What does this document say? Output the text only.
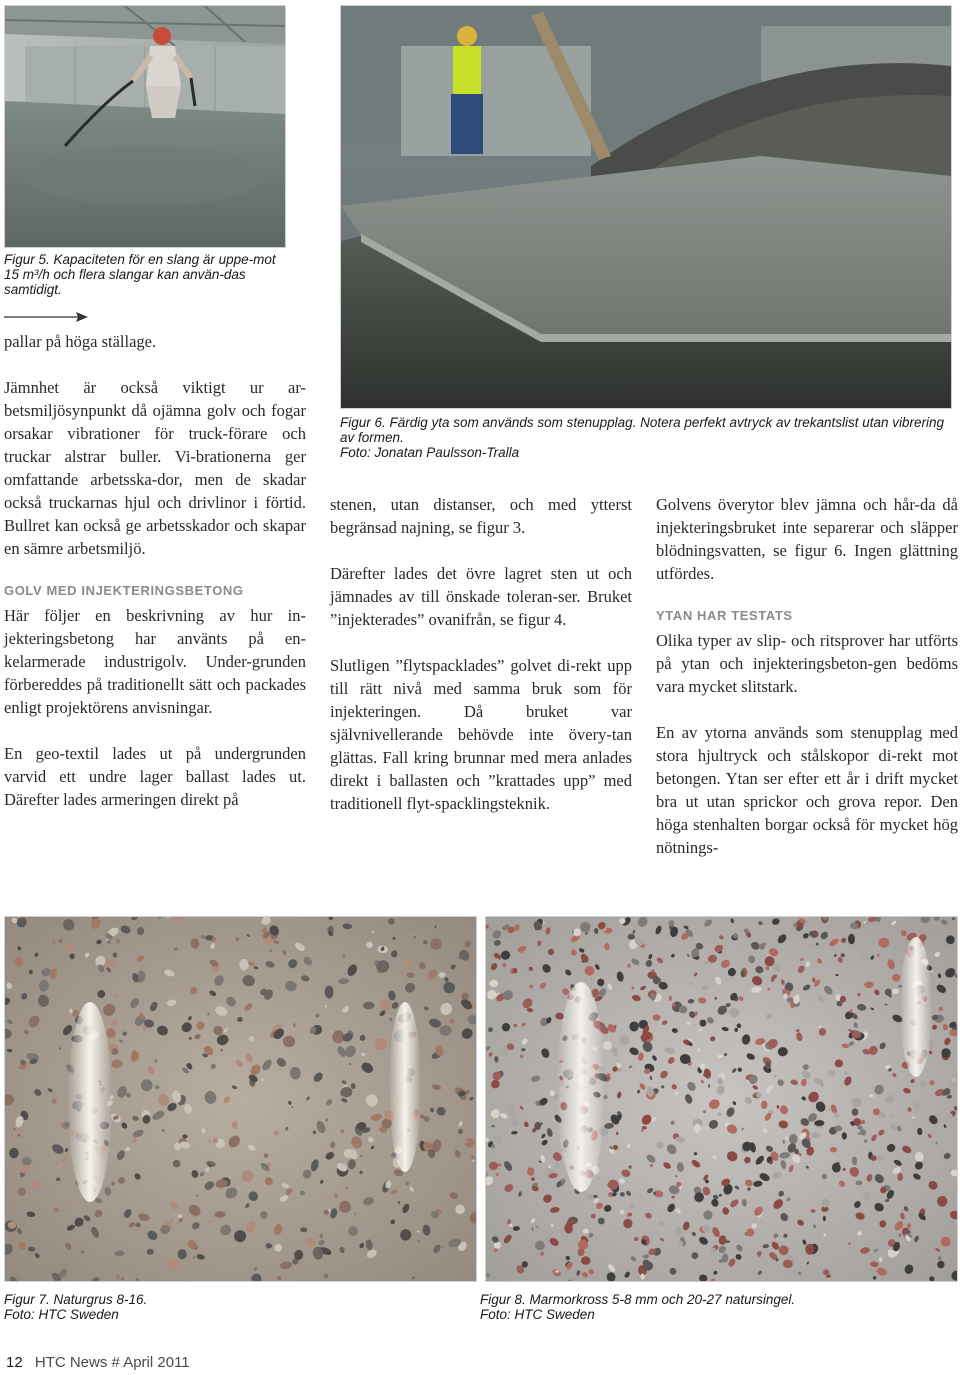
Figur 5. Kapaciteten för en slang är uppe-mot 15 m³/h och flera slangar kan använ-das samtidigt.
Figur 6. Färdig yta som används som stenupplag. Notera perfekt avtryck av trekantslist utan vibrering av formen.
Foto: Jonatan Paulsson-Tralla

pallar på höga ställage.

Jämnhet är också viktigt ur ar-betsmiljösynpunkt då ojämna golv och fogar orsakar vibrationer för truck-förare och truckar alstrar buller. Vi-brationerna ger omfattande arbetsska-dor, men de skadar också truckarnas hjul och drivlinor i förtid. Bullret kan också ge arbetsskador och skapar en sämre arbetsmiljö.

GOLV MED INJEKTERINGSBETONG

Här följer en beskrivning av hur in-jekteringsbetong har använts på en-kelarmerade industrigolv. Under-grunden förbereddes på traditionellt sätt och packades enligt projektörens anvisningar.

En geo-textil lades ut på undergrunden varvid ett undre lager ballast lades ut. Därefter lades armeringen direkt på

stenen, utan distanser, och med ytterst begränsad najning, se figur 3.

Därefter lades det övre lagret sten ut och jämnades av till önskade toleran-ser. Bruket ”injekterades” ovanifrån, se figur 4.

Slutligen ”flytspacklades” golvet di-rekt upp till rätt nivå med samma bruk som för injekteringen. Då bruket var självnivellerande behövde inte övery-tan glättas. Fall kring brunnar med mera anlades direkt i ballasten och ”krattades upp” med traditionell flyt-spacklingsteknik.

Golvens överytor blev jämna och hår-da då injekteringsbruket inte separerar och släpper blödningsvatten, se figur 6. Ingen glättning utfördes.

YTAN HAR TESTATS

Olika typer av slip- och ritsprover har utförts på ytan och injekteringsbeton-gen bedöms vara mycket slitstark.

En av ytorna används som stenupplag med stora hjultryck och stålskopor di-rekt mot betongen. Ytan ser efter ett år i drift mycket bra ut utan sprickor och grova repor. Den höga stenhalten borgar också för mycket hög nötnings-

Figur 7. Naturgrus 8-16.
Foto: HTC Sweden
Figur 8. Marmorkross 5-8 mm och 20-27 natursingel.
Foto: HTC Sweden
12 HTC News # April 2011
